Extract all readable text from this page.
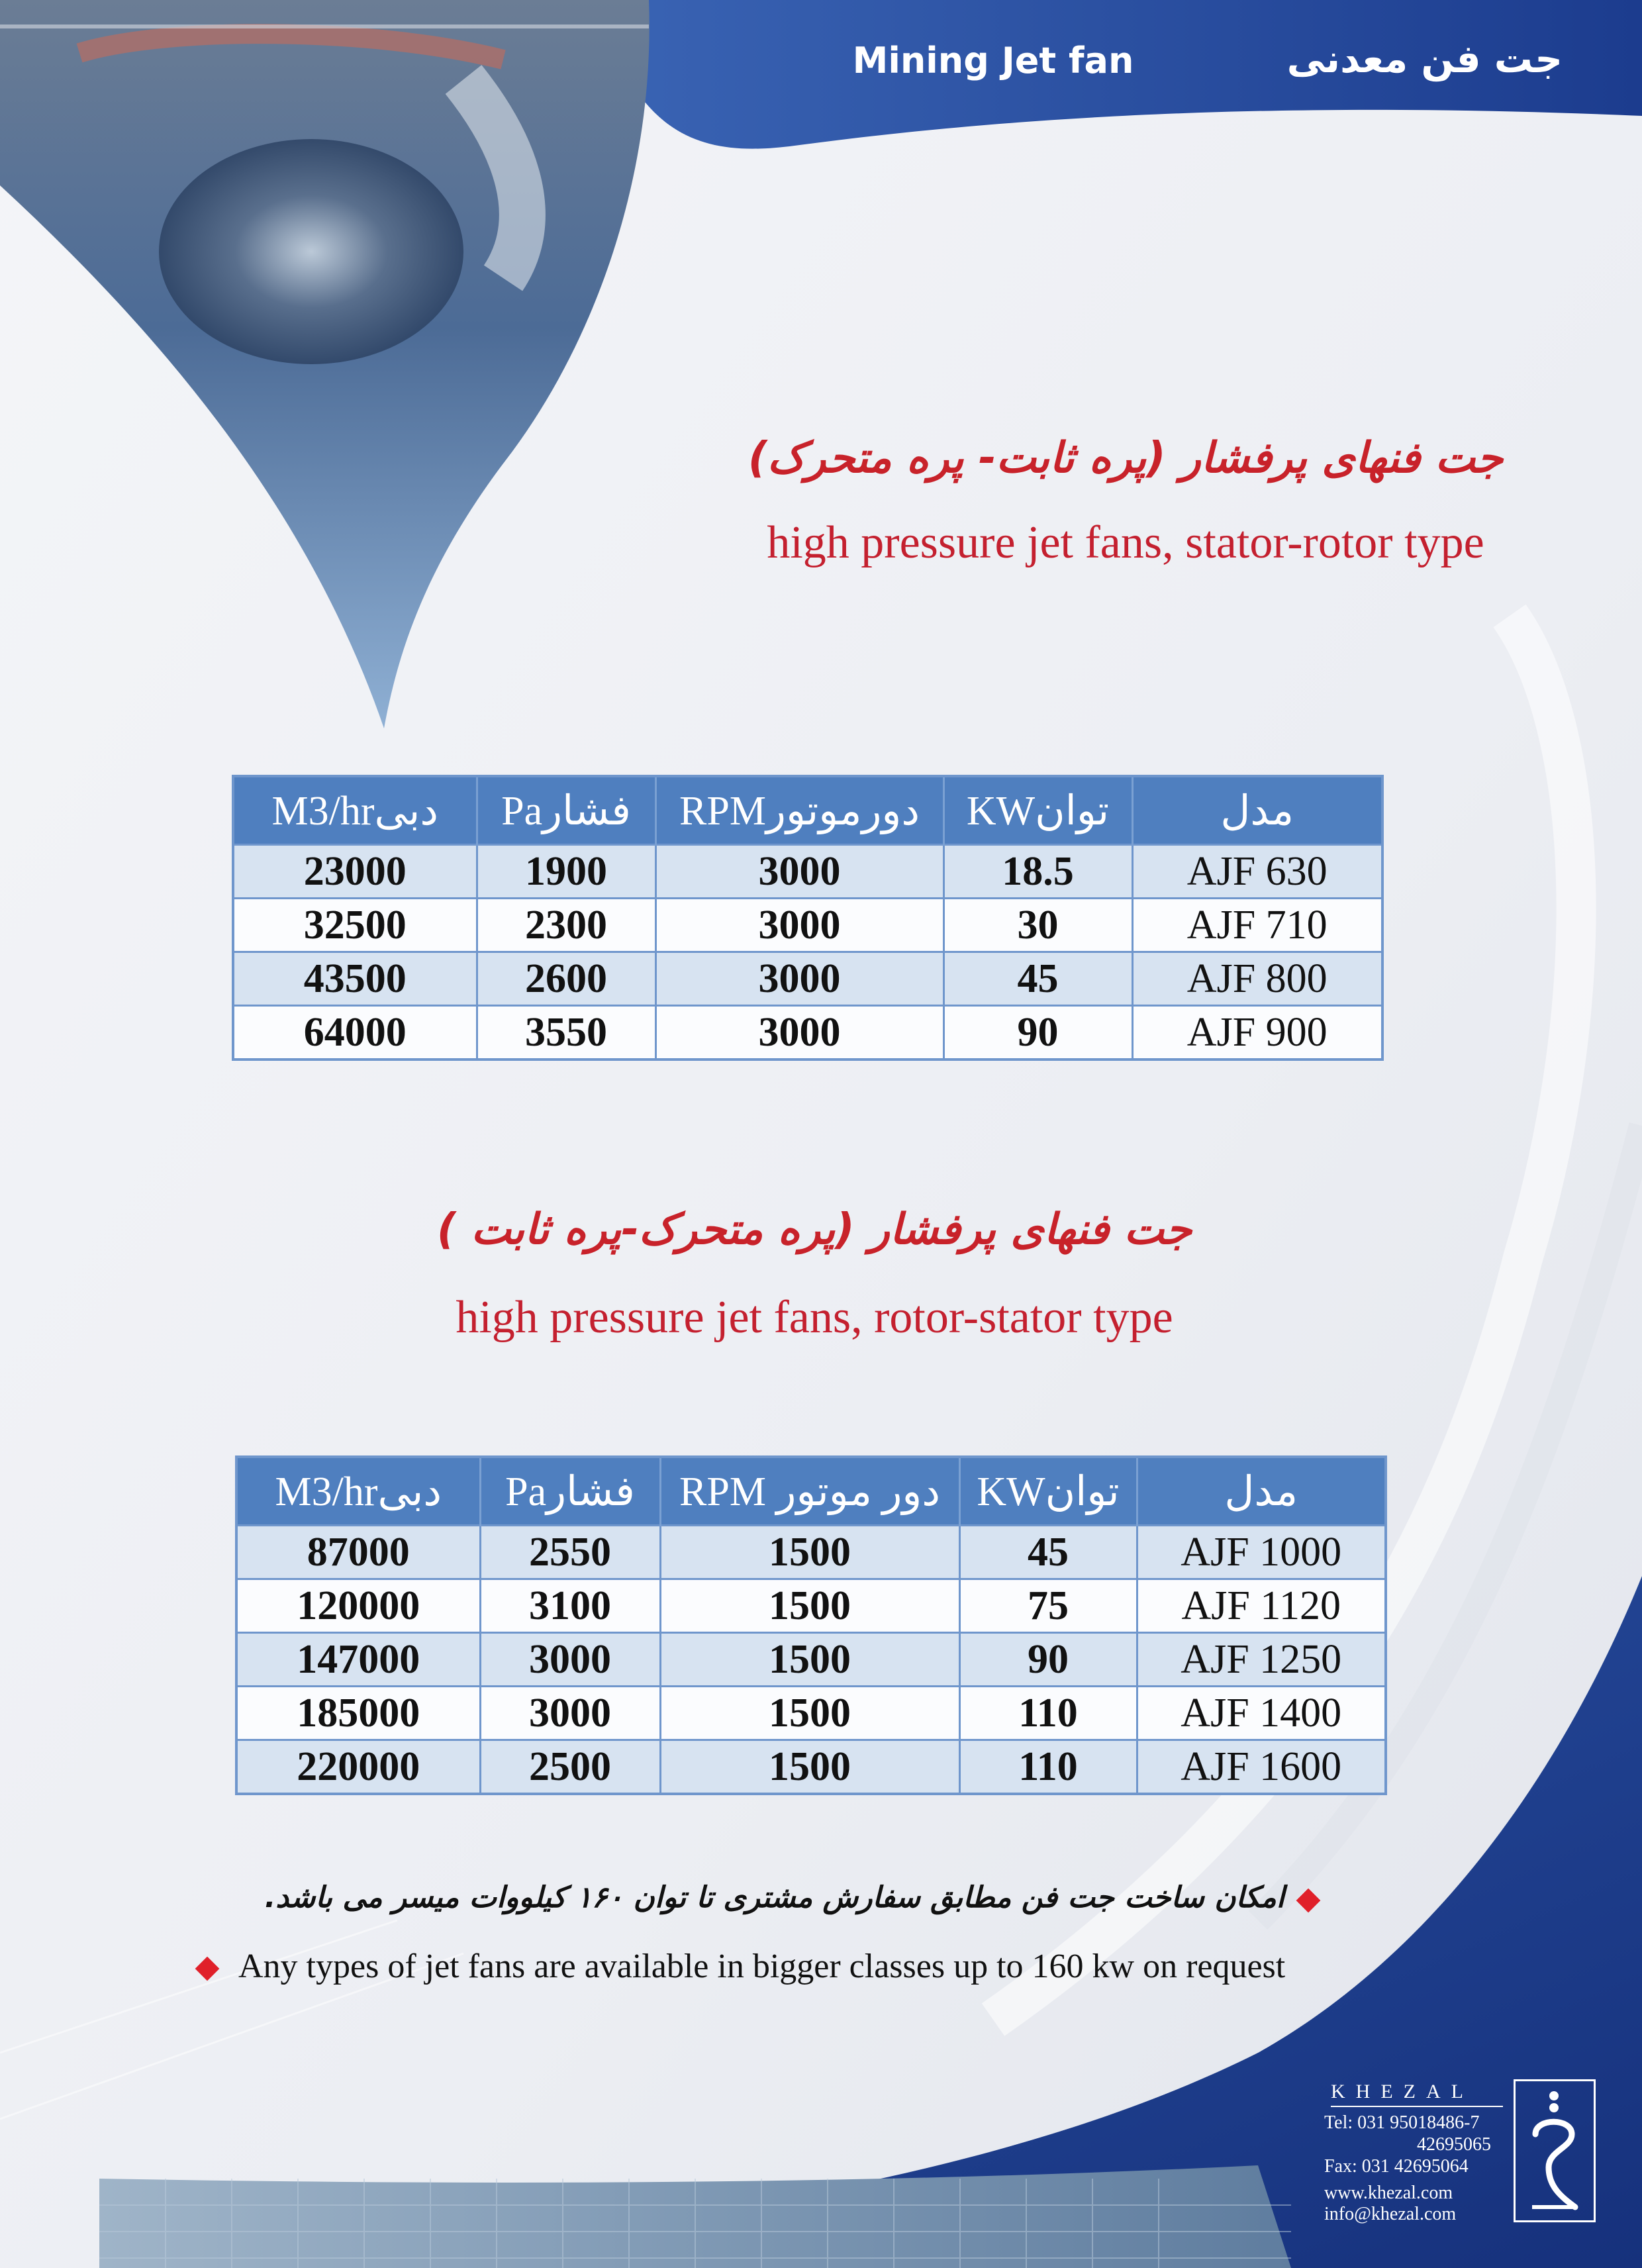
Mining Jet fan	جت فن معدنی
جت فنهای پرفشار (پره ثابت- پره متحرک)
high pressure jet fans, stator-rotor type
M3/hrدبی	Paفشار	RPMدورموتور	KWتوان	مدل
23000	1900	3000	18.5	AJF 630
32500	2300	3000	30	AJF 710
43500	2600	3000	45	AJF 800
64000	3550	3000	90	AJF 900
جت فنهای پرفشار (پره متحرک-پره ثابت )
high pressure jet fans, rotor-stator type
M3/hrدبی	Paفشار	RPM دور موتور	KWتوان	مدل
87000	2550	1500	45	AJF 1000
120000	3100	1500	75	AJF 1120
147000	3000	1500	90	AJF 1250
185000	3000	1500	110	AJF 1400
220000	2500	1500	110	AJF 1600
امکان ساخت جت فن مطابق سفارش مشتری تا توان ۱۶۰ کیلووات میسر می باشد.
Any types of jet fans are available in bigger classes up to 160 kw on request
KHEZAL
Tel: 031 95018486-7
42695065
Fax: 031 42695064
www.khezal.com
info@khezal.com
